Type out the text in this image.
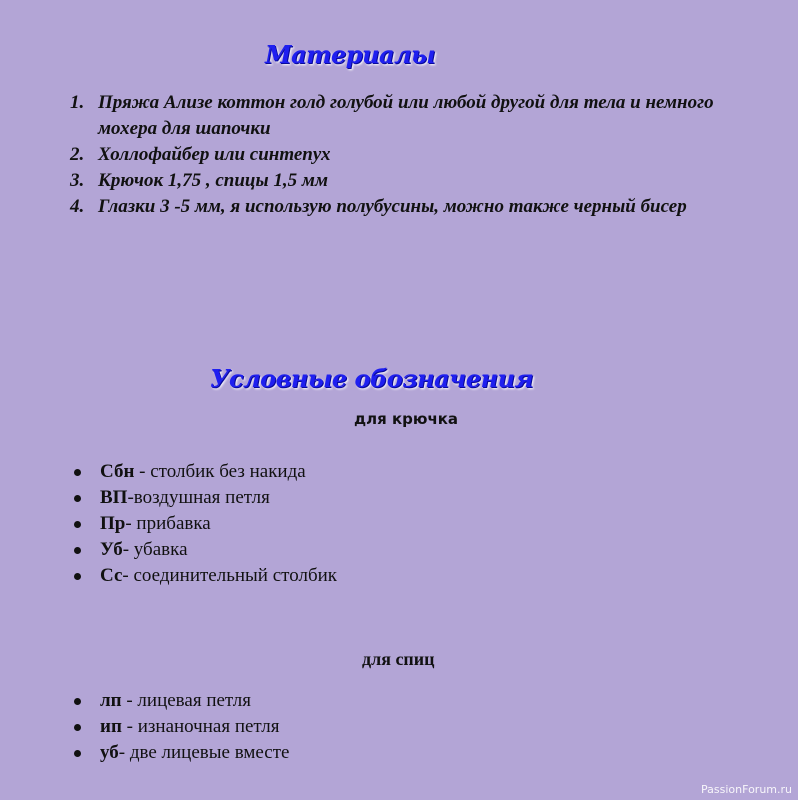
Материалы
1. Пряжа Ализе коттон голд голубой или любой другой для тела и немного мохера для шапочки
2. Холлофайбер или синтепух
3. Крючок 1,75 , спицы 1,5 мм
4. Глазки 3 -5 мм, я использую полубусины, можно также черный бисер
Условные обозначения

для крючка

Сбн - столбик без накида
ВП-воздушная петля
Пр- прибавка
Уб- убавка
Сс- соединительный столбик

для спиц

лп - лицевая петля
ип - изнаночная петля
уб- две лицевые вместе

PassionForum.ru
